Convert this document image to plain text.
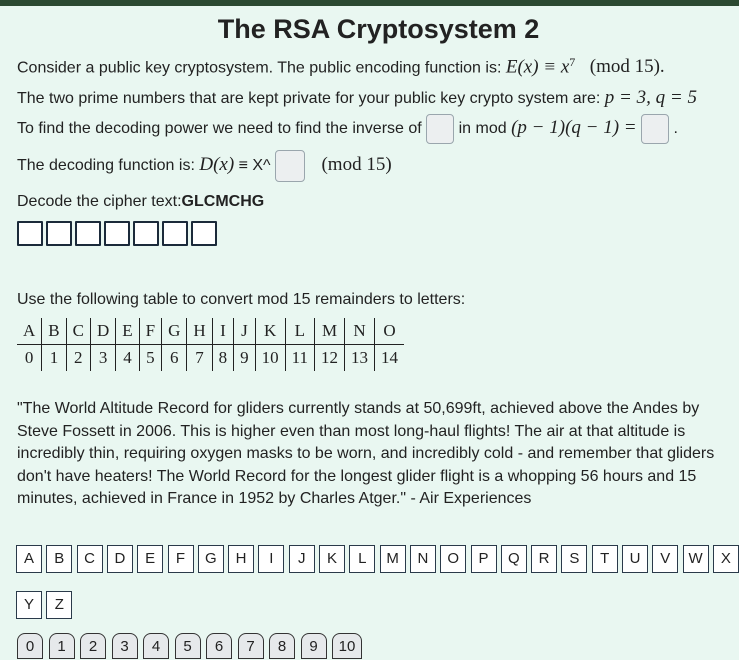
The RSA Cryptosystem 2
Consider a public key cryptosystem. The public encoding function is: $E(x) \equiv x^7$ (mod 15).
The two prime numbers that are kept private for your public key crypto system are: p = 3, q = 5
To find the decoding power we need to find the inverse of in mod (p − 1)(q − 1) = .
The decoding function is: D(x) ≡ X^	(mod 15)
Decode the cipher text:GLCMCHG
Use the following table to convert mod 15 remainders to letters:
A	B	C	D	E	F	G	H	I	J	K	L	M	N	O
0	1	2	3	4	5	6	7	8	9	10	11	12	13	14
"The World Altitude Record for gliders currently stands at 50,699ft, achieved above the Andes by Steve Fossett in 2006. This is higher even than most long-haul flights! The air at that altitude is incredibly thin, requiring oxygen masks to be worn, and incredibly cold - and remember that gliders don't have heaters! The World Record for the longest glider flight is a whopping 56 hours and 15 minutes, achieved in France in 1952 by Charles Atger." - Air Experiences
A	B	C	D	E	F	G	H	I	J	K	L	M	N	O	P	Q	R	S	T	U	V	W	X
Y	Z
0	1	2	3	4	5	6	7	8	9	10
